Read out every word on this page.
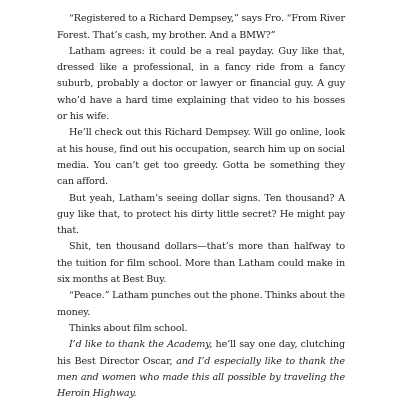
“Registered to a Richard Dempsey,” says Fro. “From River Forest. That’s cash, my brother. And a BMW?”

Latham agrees: it could be a real payday. Guy like that, dressed like a professional, in a fancy ride from a fancy suburb, probably a doctor or lawyer or financial guy. A guy who’d have a hard time explaining that video to his bosses or his wife.

He’ll check out this Richard Dempsey. Will go online, look at his house, find out his occupation, search him up on social media. You can’t get too greedy. Gotta be something they can afford.

But yeah, Latham’s seeing dollar signs. Ten thousand? A guy like that, to protect his dirty little secret? He might pay that.

Shit, ten thousand dollars—that’s more than halfway to the tuition for film school. More than Latham could make in six months at Best Buy.

“Peace.” Latham punches out the phone. Thinks about the money.

Thinks about film school.

I’d like to thank the Academy, he’ll say one day, clutching his Best Director Oscar, and I’d especially like to thank the men and women who made this all possible by traveling the Heroin Highway.
